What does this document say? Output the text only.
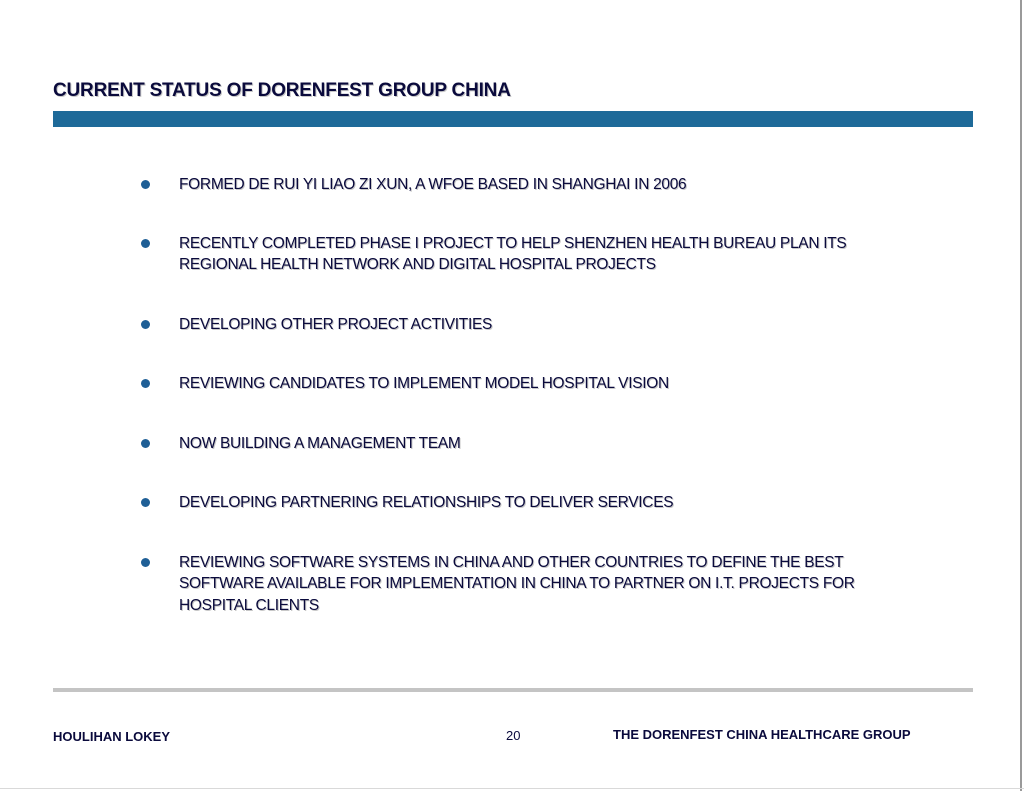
CURRENT STATUS OF DORENFEST GROUP CHINA
FORMED DE RUI YI LIAO ZI XUN, A WFOE BASED IN SHANGHAI IN 2006
RECENTLY COMPLETED PHASE I PROJECT TO HELP SHENZHEN HEALTH BUREAU PLAN ITS REGIONAL HEALTH NETWORK AND DIGITAL HOSPITAL PROJECTS
DEVELOPING OTHER PROJECT ACTIVITIES
REVIEWING CANDIDATES TO IMPLEMENT MODEL HOSPITAL VISION
NOW BUILDING A MANAGEMENT TEAM
DEVELOPING PARTNERING RELATIONSHIPS TO DELIVER SERVICES
REVIEWING SOFTWARE SYSTEMS IN CHINA AND OTHER COUNTRIES TO DEFINE THE BEST SOFTWARE AVAILABLE FOR IMPLEMENTATION IN CHINA TO PARTNER ON I.T. PROJECTS FOR HOSPITAL CLIENTS
HOULIHAN LOKEY	20	THE DORENFEST CHINA HEALTHCARE GROUP
